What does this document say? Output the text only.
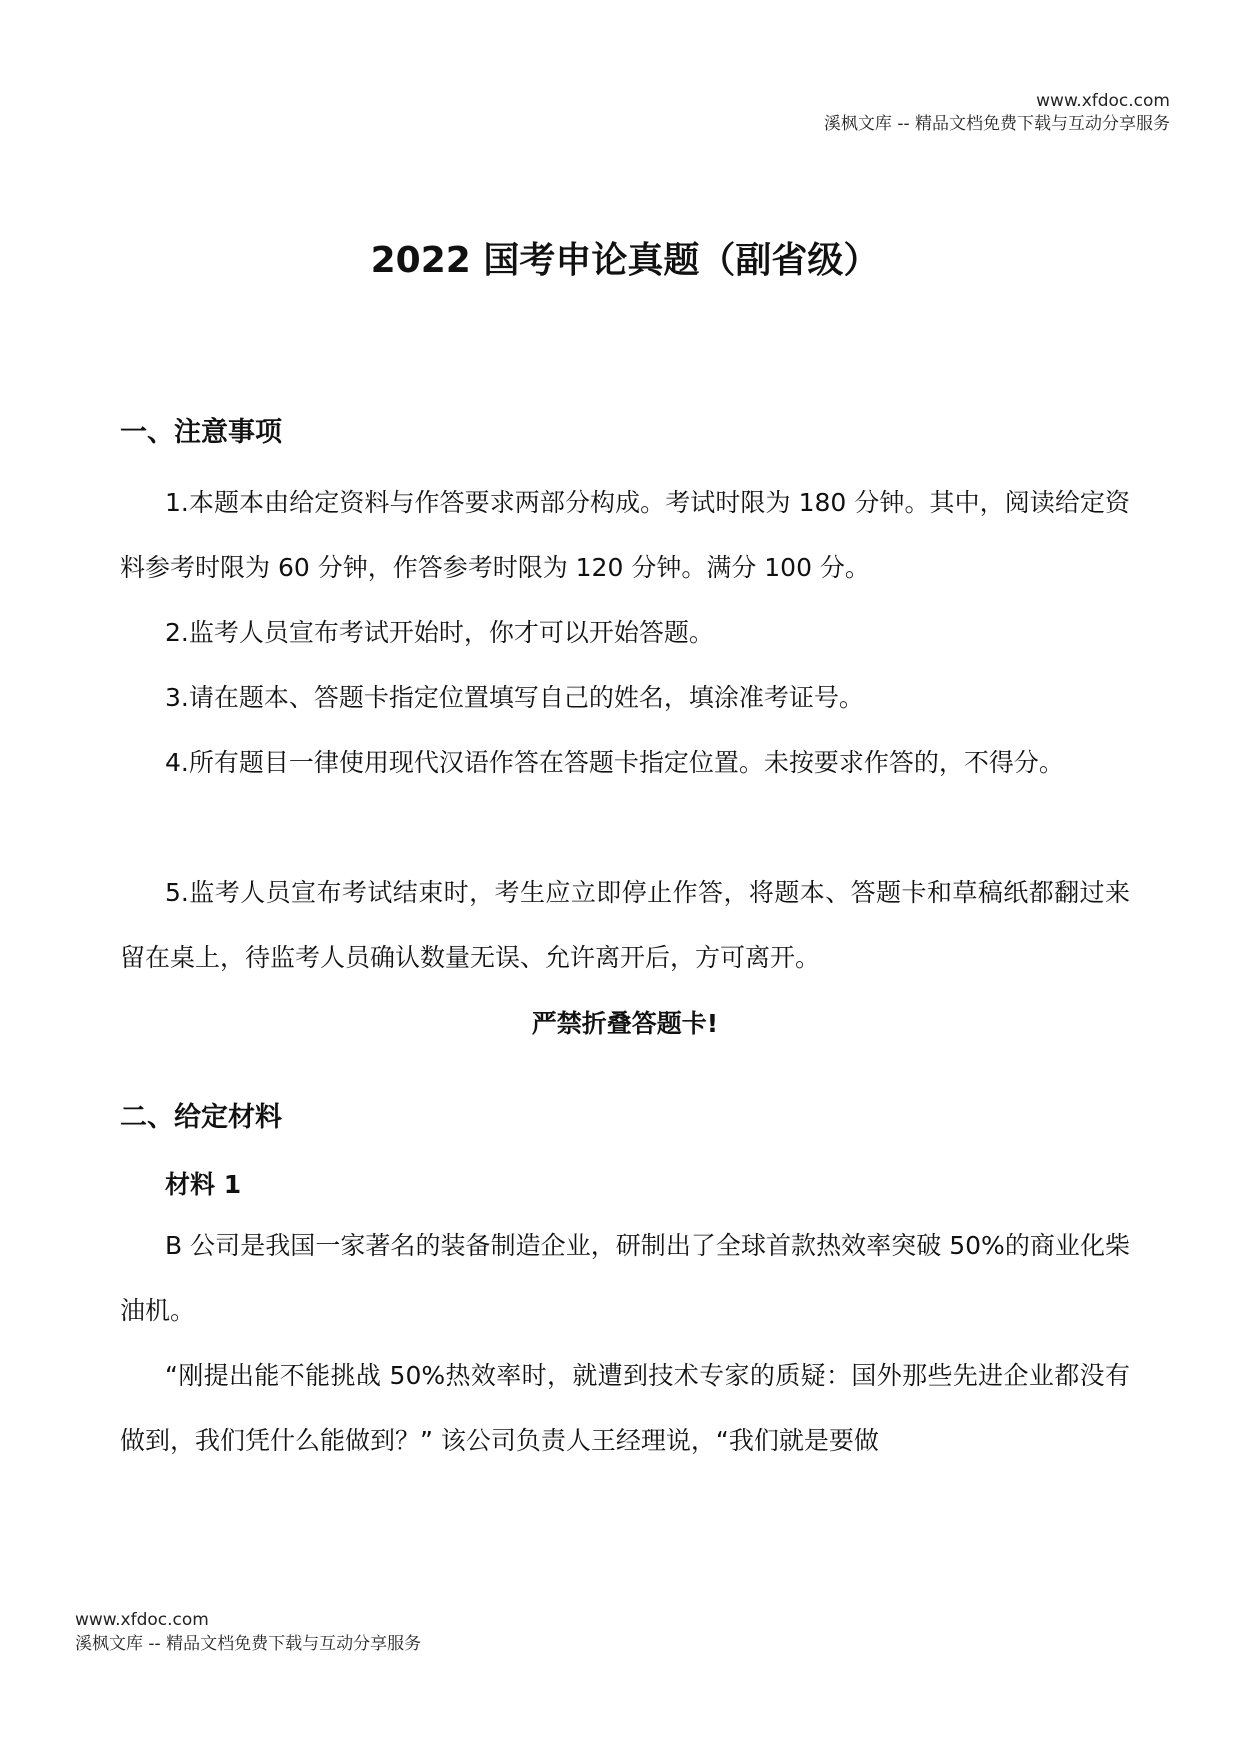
www.xfdoc.com
溪枫文库 -- 精品文档免费下载与互动分享服务
2022 国考申论真题（副省级）
一、注意事项

1.本题本由给定资料与作答要求两部分构成。考试时限为 180 分钟。其中，阅读给定资料参考时限为 60 分钟，作答参考时限为 120 分钟。满分 100 分。

2.监考人员宣布考试开始时，你才可以开始答题。

3.请在题本、答题卡指定位置填写自己的姓名，填涂准考证号。

4.所有题目一律使用现代汉语作答在答题卡指定位置。未按要求作答的，不得分。

5.监考人员宣布考试结束时，考生应立即停止作答，将题本、答题卡和草稿纸都翻过来留在桌上，待监考人员确认数量无误、允许离开后，方可离开。

严禁折叠答题卡!

二、给定材料
材料 1

B 公司是我国一家著名的装备制造企业，研制出了全球首款热效率突破 50%的商业化柴油机。

“刚提出能不能挑战 50%热效率时，就遭到技术专家的质疑：国外那些先进企业都没有做到，我们凭什么能做到？” 该公司负责人王经理说，“我们就是要做

www.xfdoc.com
溪枫文库 -- 精品文档免费下载与互动分享服务
